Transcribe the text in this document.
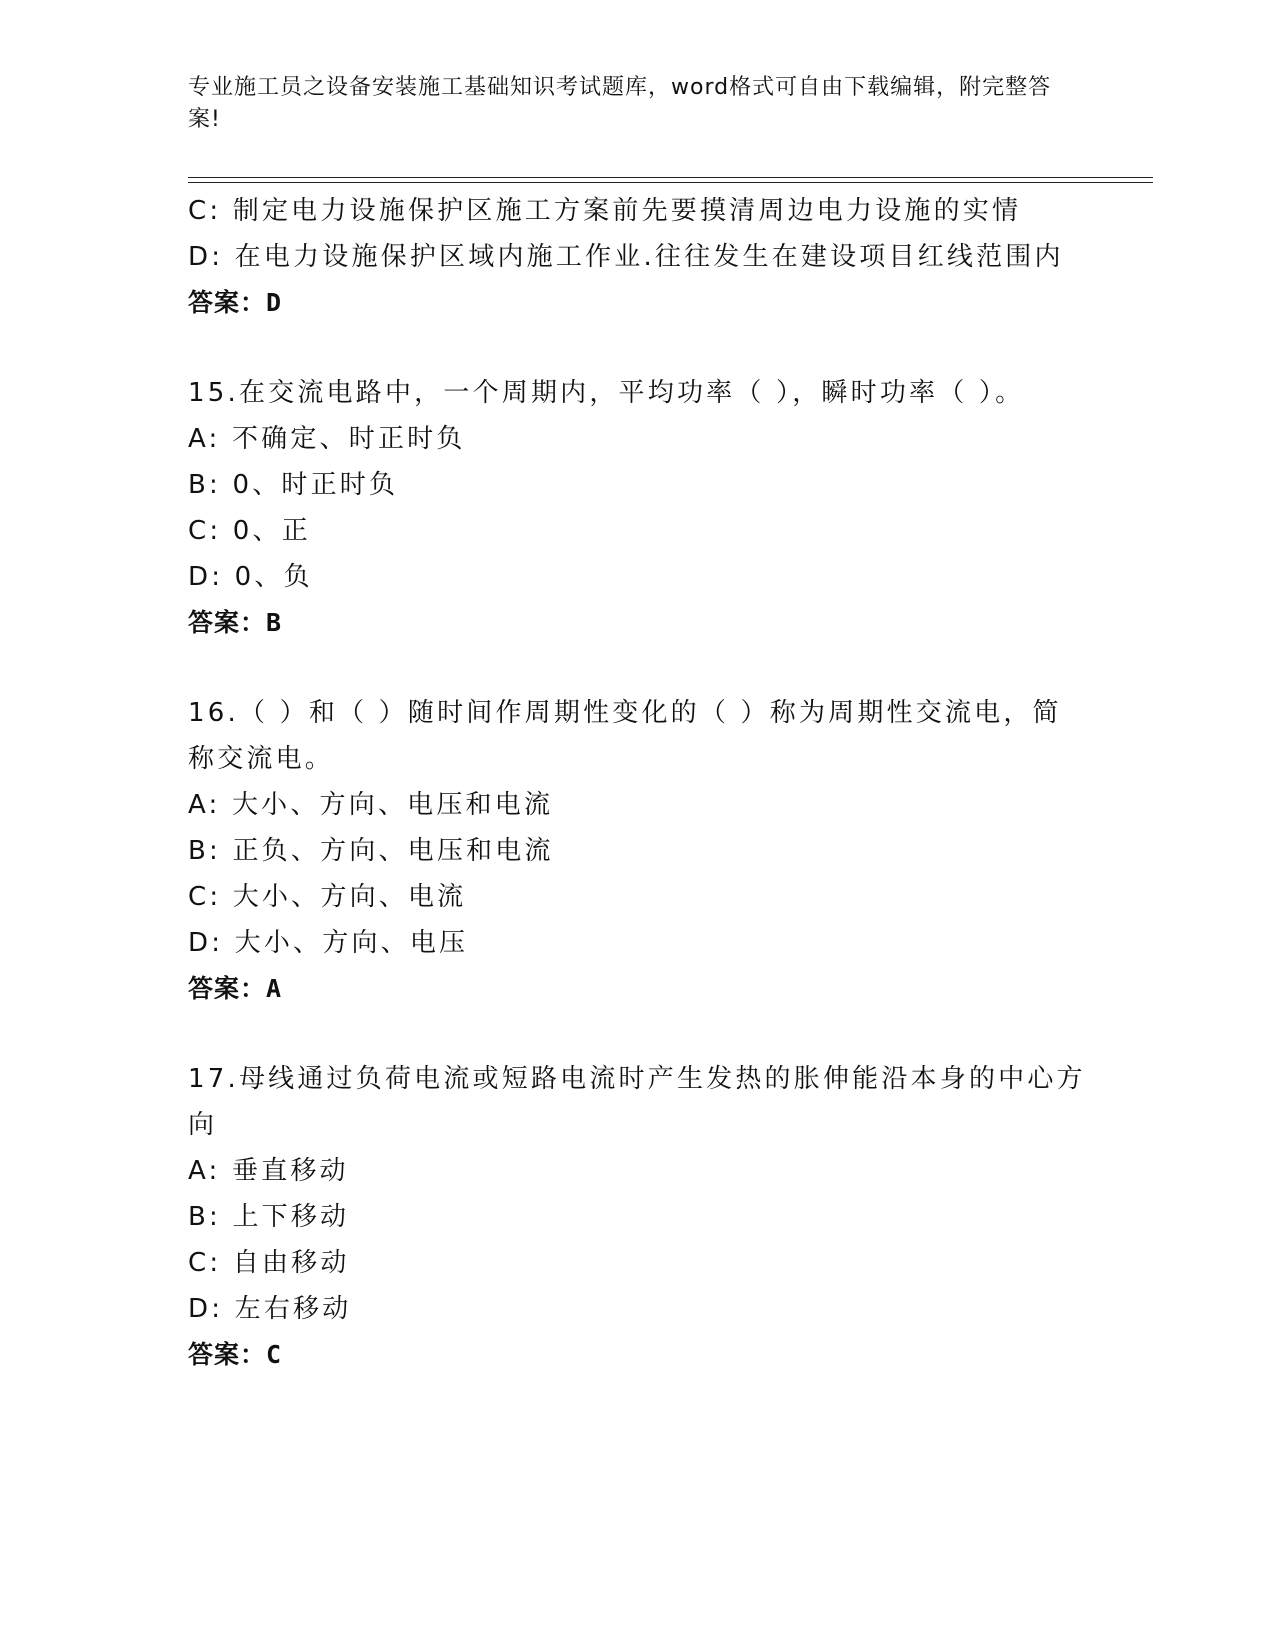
专业施工员之设备安装施工基础知识考试题库，word格式可自由下载编辑，附完整答案!
C: 制定电力设施保护区施工方案前先要摸清周边电力设施的实情
D: 在电力设施保护区域内施工作业.往往发生在建设项目红线范围内
答案：D
15.在交流电路中，一个周期内，平均功率（ ），瞬时功率（ ）。
A: 不确定、时正时负
B: 0、时正时负
C: 0、正
D: 0、负
答案：B
16.（ ）和（ ）随时间作周期性变化的（ ）称为周期性交流电，简
称交流电。
A: 大小、方向、电压和电流
B: 正负、方向、电压和电流
C: 大小、方向、电流
D: 大小、方向、电压
答案：A
17.母线通过负荷电流或短路电流时产生发热的胀伸能沿本身的中心方
向
A: 垂直移动
B: 上下移动
C: 自由移动
D: 左右移动
答案：C
